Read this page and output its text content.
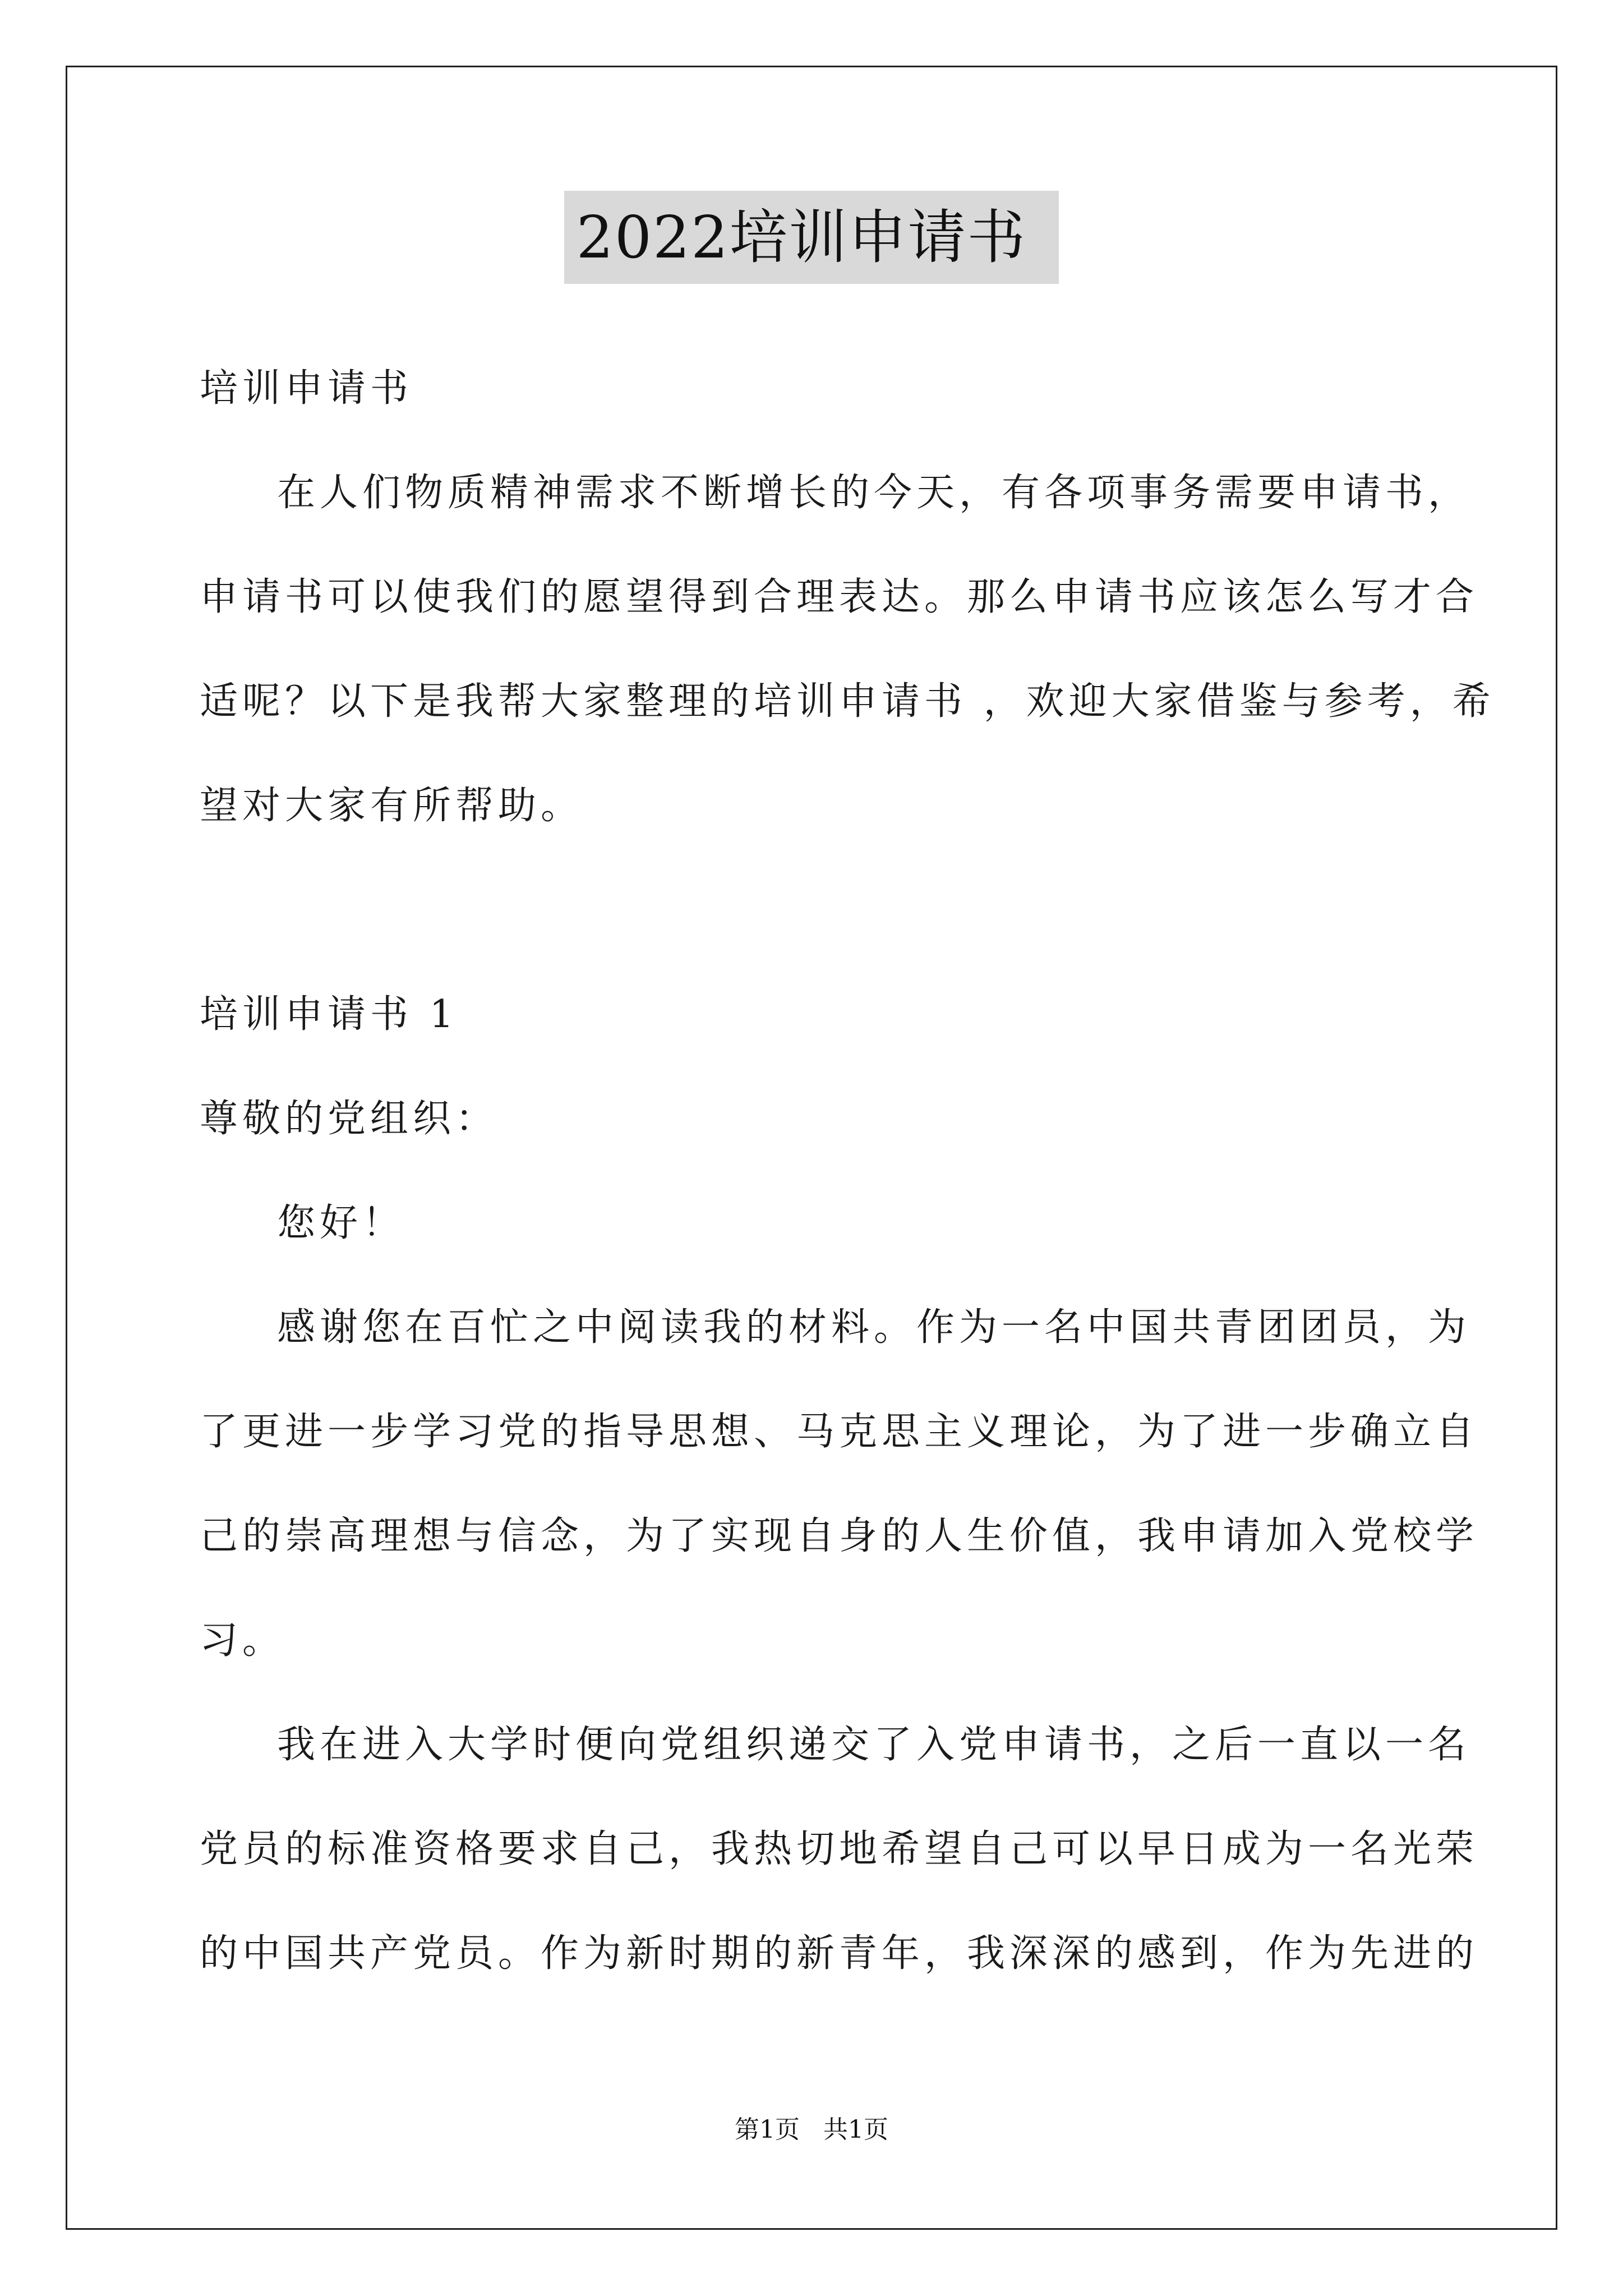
2022培训申请书
培训申请书
在人们物质精神需求不断增长的今天，有各项事务需要申请书，
申请书可以使我们的愿望得到合理表达。那么申请书应该怎么写才合
适呢？以下是我帮大家整理的培训申请书 ，欢迎大家借鉴与参考，希
望对大家有所帮助。
培训申请书 1
尊敬的党组织：
您好！
感谢您在百忙之中阅读我的材料。作为一名中国共青团团员，为
了更进一步学习党的指导思想、马克思主义理论，为了进一步确立自
己的崇高理想与信念，为了实现自身的人生价值，我申请加入党校学
习。
我在进入大学时便向党组织递交了入党申请书，之后一直以一名
党员的标准资格要求自己，我热切地希望自己可以早日成为一名光荣
的中国共产党员。作为新时期的新青年，我深深的感到，作为先进的
第1页   共1页
